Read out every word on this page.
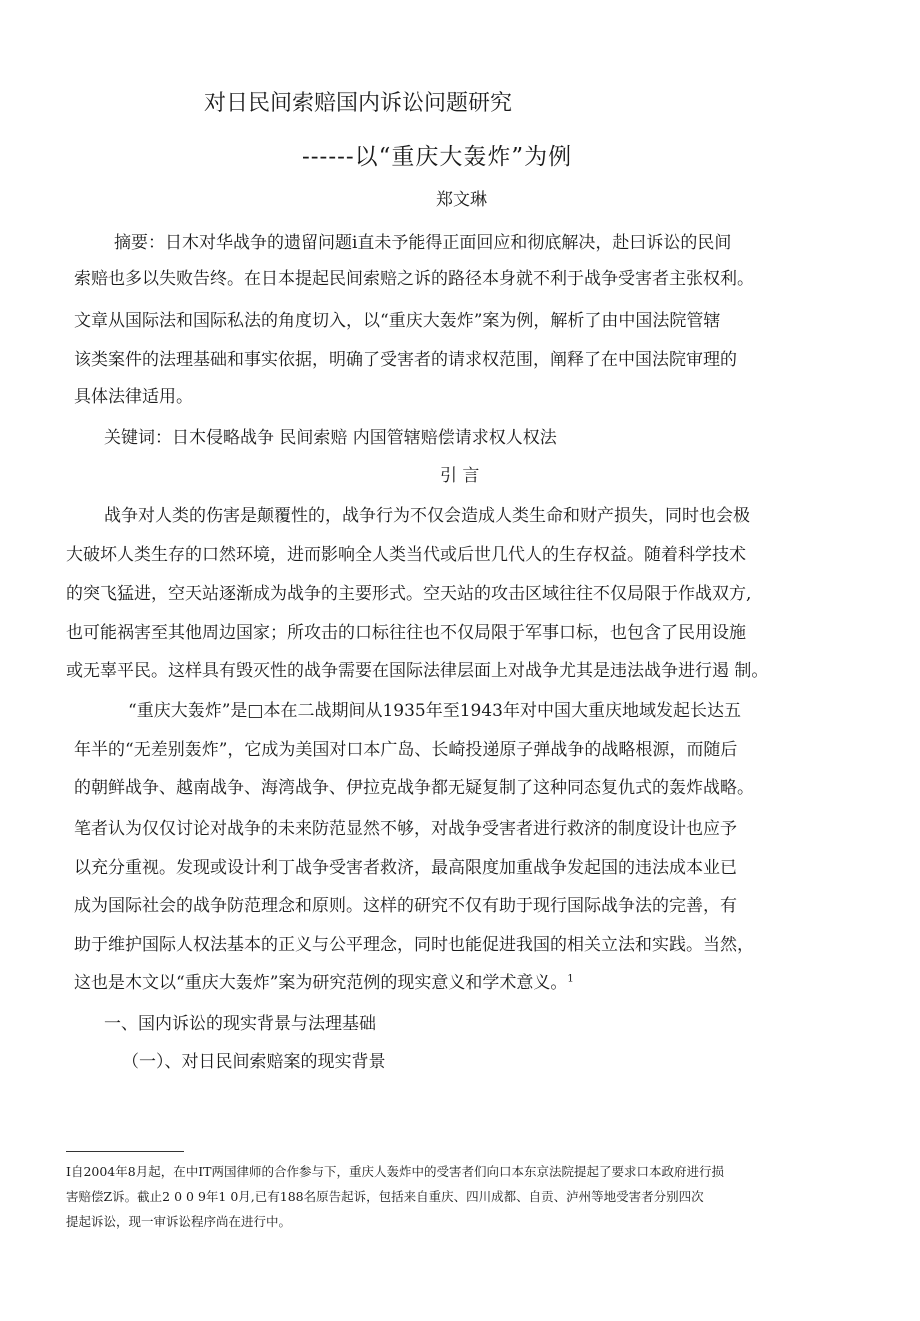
对日民间索赔国内诉讼问题研究
------以“重庆大轰炸”为例
郑文琳
摘要：日木对华战争的遗留问题i直未予能得正面回应和彻底解决，赴曰诉讼的民间
索赔也多以失败告终。在日本提起民间索赔之诉的路径本身就不利于战争受害者主张权利。
文章从国际法和国际私法的角度切入，以“重庆大轰炸”案为例，解析了由中国法院管辖
该类案件的法理基础和事实依据，明确了受害者的请求权范围，阐释了在中国法院审理的
具体法律适用。
关键词：日木侵略战争 民间索赔 内国管辖赔偿请求权人权法
引 言
战争对人类的伤害是颠覆性的，战争行为不仅会造成人类生命和财产损失，同时也会极
大破坏人类生存的口然环境，进而影响全人类当代或后世几代人的生存权益。随着科学技术
的突飞猛进，空天站逐渐成为战争的主要形式。空天站的攻击区域往往不仅局限于作战双方,
也可能祸害至其他周边国家；所攻击的口标往往也不仅局限于军事口标，也包含了民用设施
或无辜平民。这样具有毁灭性的战争需要在国际法律层面上对战争尤其是违法战争进行遏 制。
“重庆大轰炸”是□本在二战期间从1935年至1943年对中国大重庆地域发起长达五
年半的“无差别轰炸”，它成为美国对口本广岛、长崎投递原子弹战争的战略根源，而随后
的朝鲜战争、越南战争、海湾战争、伊拉克战争都无疑复制了这种同态复仇式的轰炸战略。
笔者认为仅仅讨论对战争的未来防范显然不够，对战争受害者进行救济的制度设计也应予
以充分重视。发现或设计利丁战争受害者救济，最高限度加重战争发起国的违法成本业已
成为国际社会的战争防范理念和原则。这样的研究不仅有助于现行国际战争法的完善，有
助于维护国际人权法基本的正义与公平理念，同时也能促进我国的相关立法和实践。当然，
这也是木文以“重庆大轰炸”案为研究范例的现实意义和学术意义。$^1$
一、国内诉讼的现实背景与法理基础
（一）、对日民间索赔案的现实背景
I自2004年8月起，在中IT两国律师的合作参与下，重庆人轰炸中的受害者们向口本东京法院提起了要求口本政府进行损
害赔偿Z诉。截止2 0 0 9年1 0月,已有188名原告起诉，包括来自重庆、四川成都、自贡、泸州等地受害者分别四次
提起诉讼，现一审诉讼程序尚在进行中。
